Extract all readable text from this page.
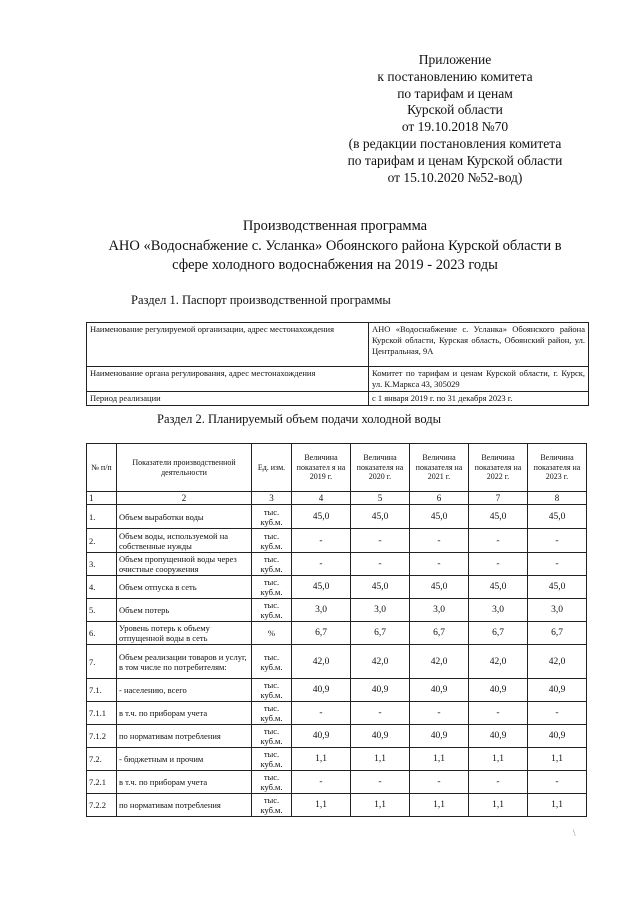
Приложение
к постановлению комитета
по тарифам и ценам
Курской области
от 19.10.2018 №70
(в редакции постановления комитета
по тарифам и ценам Курской области
от 15.10.2020 №52-вод)
Производственная программа
АНО «Водоснабжение с. Усланка» Обоянского района Курской области в
сфере холодного водоснабжения на 2019 - 2023 годы
Раздел 1. Паспорт производственной программы
Наименование регулируемой организации, адрес местонахождения	АНО «Водоснабжение с. Усланка» Обоянского района Курской области, Курская область, Обоянский район, ул. Центральная, 9А
Наименование органа регулирования, адрес местонахождения	Комитет по тарифам и ценам Курской области, г. Курск, ул. К.Маркса 43, 305029
Период реализации	с 1 января 2019 г. по 31 декабря 2023 г.
Раздел 2. Планируемый объем подачи холодной воды
№ п/п	Показатели производственной деятельности	Ед. изм.	Величина показател я на 2019 г.	Величина показателя на 2020 г.	Величина показателя на 2021 г.	Величина показателя на 2022 г.	Величина показателя на 2023 г.
1	2	3	4	5	6	7	8
1.	Объем выработки воды	тыс. куб.м.	45,0	45,0	45,0	45,0	45,0
2.	Объем воды, используемой на собственные нужды	тыс. куб.м.	-	-	-	-	-
3.	Объем пропущенной воды через очистные сооружения	тыс. куб.м.	-	-	-	-	-
4.	Объем отпуска в сеть	тыс. куб.м.	45,0	45,0	45,0	45,0	45,0
5.	Объем потерь	тыс. куб.м.	3,0	3,0	3,0	3,0	3,0
6.	Уровень потерь к объему отпущенной воды в сеть	%	6,7	6,7	6,7	6,7	6,7
7.	Объем реализации товаров и услуг, в том числе по потребителям:	тыс. куб.м.	42,0	42,0	42,0	42,0	42,0
7.1.	- населению, всего	тыс. куб.м.	40,9	40,9	40,9	40,9	40,9
7.1.1	в т.ч. по приборам учета	тыс. куб.м.	-	-	-	-	-
7.1.2	по нормативам потребления	тыс. куб.м.	40,9	40,9	40,9	40,9	40,9
7.2.	- бюджетным и прочим	тыс. куб.м.	1,1	1,1	1,1	1,1	1,1
7.2.1	в т.ч. по приборам учета	тыс. куб.м.	-	-	-	-	-
7.2.2	по нормативам потребления	тыс. куб.м.	1,1	1,1	1,1	1,1	1,1
\
